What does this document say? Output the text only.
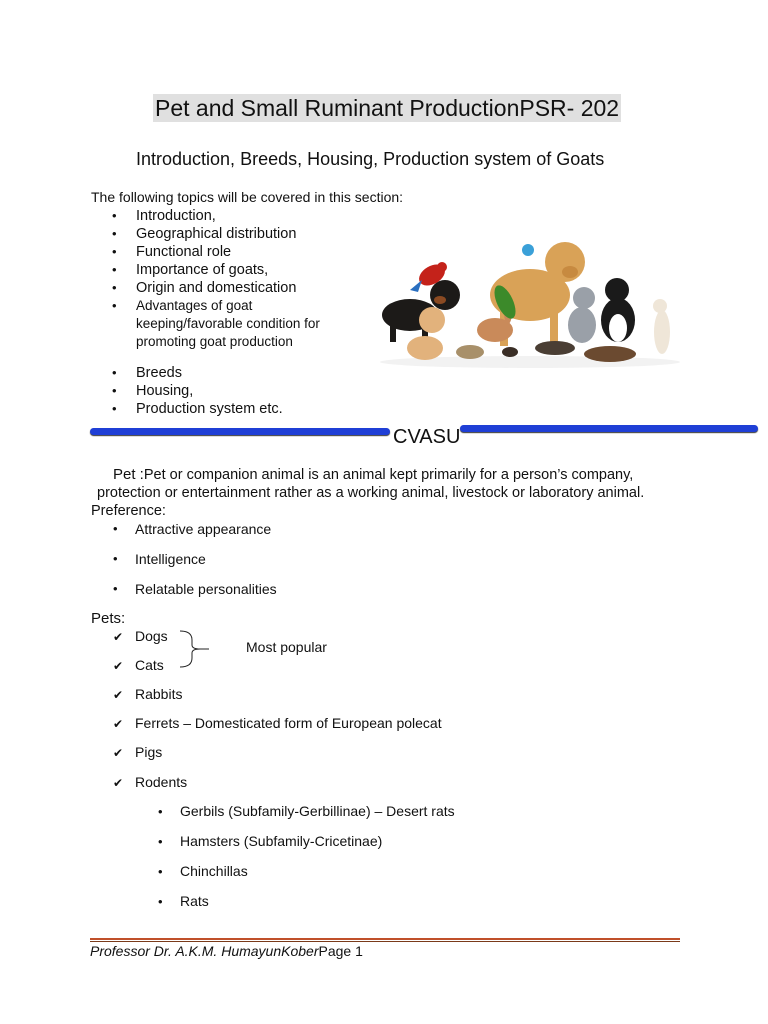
Pet and Small Ruminant ProductionPSR- 202
Introduction, Breeds, Housing, Production system of Goats
The following topics will be covered in this section:
• Introduction,
• Geographical distribution
• Functional role
• Importance of goats,
• Origin and domestication
• Advantages of goat
keeping/favorable condition for
promoting goat production
• Breeds
• Housing,
• Production system etc.
CVASU
Pet :Pet or companion animal is an animal kept primarily for a person’s company,
protection or entertainment rather as a working animal, livestock or laboratory animal.
Preference:
• Attractive appearance
• Intelligence
• Relatable personalities
Pets:
✔ Dogs
✔ Cats
✔ Rabbits
✔ Ferrets – Domesticated form of European polecat
✔ Pigs
✔ Rodents
Most popular
• Gerbils (Subfamily-Gerbillinae) – Desert rats
• Hamsters (Subfamily-Cricetinae)
• Chinchillas
• Rats
Professor Dr. A.K.M. HumayunKoberPage 1
